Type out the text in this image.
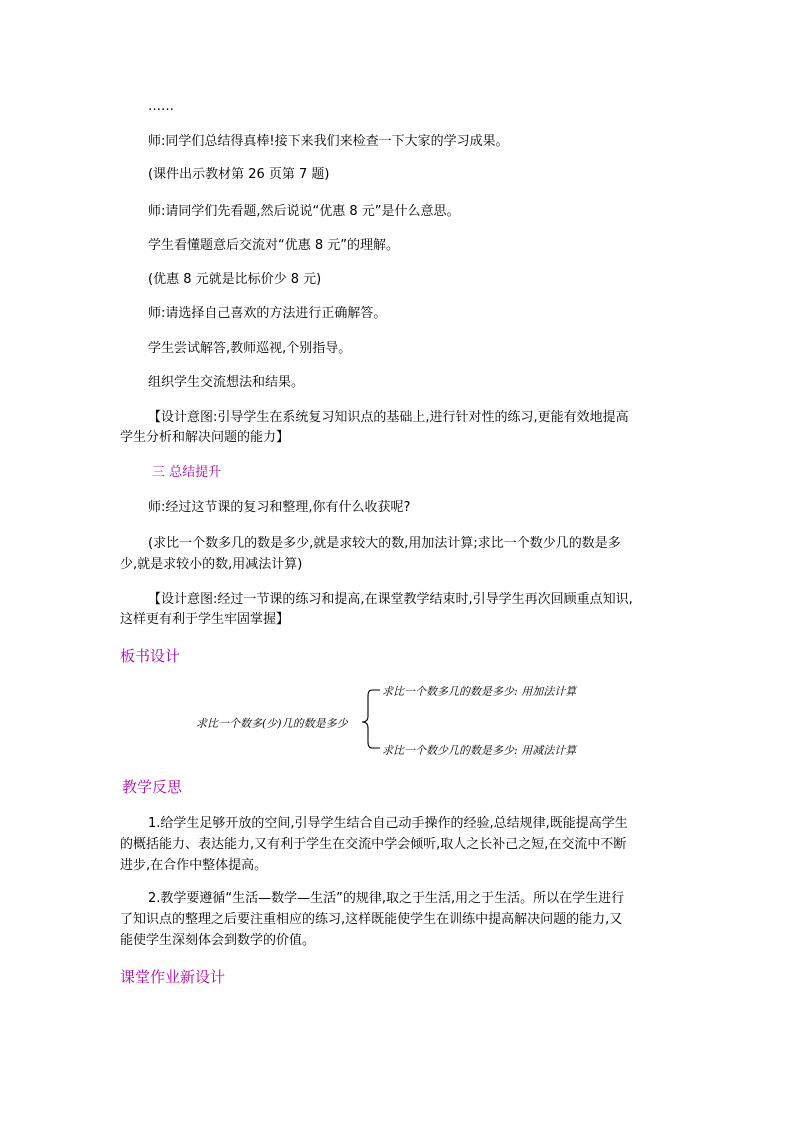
……
师:同学们总结得真棒!接下来我们来检查一下大家的学习成果。
(课件出示教材第 26 页第 7 题)
师:请同学们先看题,然后说说“优惠 8 元”是什么意思。
学生看懂题意后交流对“优惠 8 元”的理解。
(优惠 8 元就是比标价少 8 元)
师:请选择自己喜欢的方法进行正确解答。
学生尝试解答,教师巡视,个别指导。
组织学生交流想法和结果。
【设计意图:引导学生在系统复习知识点的基础上,进行针对性的练习,更能有效地提高
学生分析和解决问题的能力】
三 总结提升
师:经过这节课的复习和整理,你有什么收获呢?
(求比一个数多几的数是多少,就是求较大的数,用加法计算;求比一个数少几的数是多
少,就是求较小的数,用减法计算)
【设计意图:经过一节课的练习和提高,在课堂教学结束时,引导学生再次回顾重点知识,
这样更有利于学生牢固掌握】
板书设计
求比一个数多(少)几的数是多少
求比一个数多几的数是多少: 用加法计算
求比一个数少几的数是多少: 用减法计算
教学反思
1.给学生足够开放的空间,引导学生结合自己动手操作的经验,总结规律,既能提高学生
的概括能力、表达能力,又有利于学生在交流中学会倾听,取人之长补己之短,在交流中不断
进步,在合作中整体提高。
2.教学要遵循“生活—数学—生活”的规律,取之于生活,用之于生活。所以在学生进行
了知识点的整理之后要注重相应的练习,这样既能使学生在训练中提高解决问题的能力,又
能使学生深刻体会到数学的价值。
课堂作业新设计
